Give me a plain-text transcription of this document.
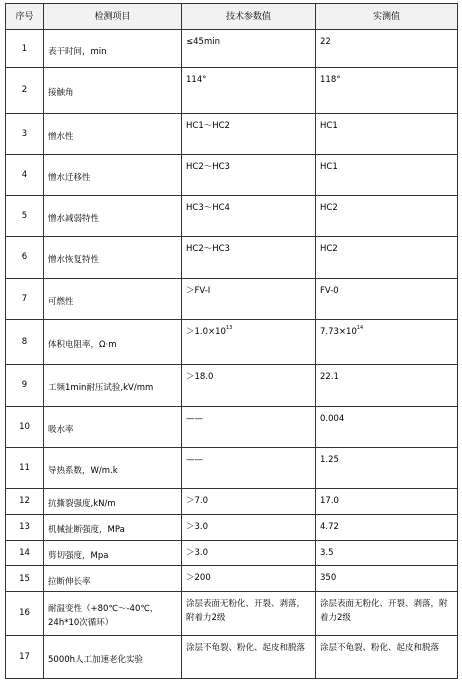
序号	检测项目	技术参数值	实测值
1	表干时间，min	≤45min	22
2	接触角	114°	118°
3	憎水性	HC1～HC2	HC1
4	憎水迁移性	HC2～HC3	HC1
5	憎水减弱特性	HC3～HC4	HC2
6	憎水恢复特性	HC2～HC3	HC2
7	可燃性	＞FV-I	FV-0
8	体积电阻率，Ω·m	$>1.0\times 10^{13}$	$7.73\times 10^{14}$
9	工频1min耐压试验,kV/mm	＞18.0	22.1
10	吸水率	——	0.004
11	导热系数，W/m.k	——	1.25
12	抗撕裂强度,kN/m	＞7.0	17.0
13	机械扯断强度，MPa	＞3.0	4.72
14	剪切强度，Mpa	＞3.0	3.5
15	拉断伸长率	＞200	350
16	耐温变性（+80℃～-40℃，24h*10次循环）	涂层表面无粉化、开裂、剥落，附着力2级	涂层表面无粉化、开裂、剥落，附着力2级
17	5000h人工加速老化实验	涂层不龟裂、粉化、起皮和脱落	涂层不龟裂、粉化、起皮和脱落
